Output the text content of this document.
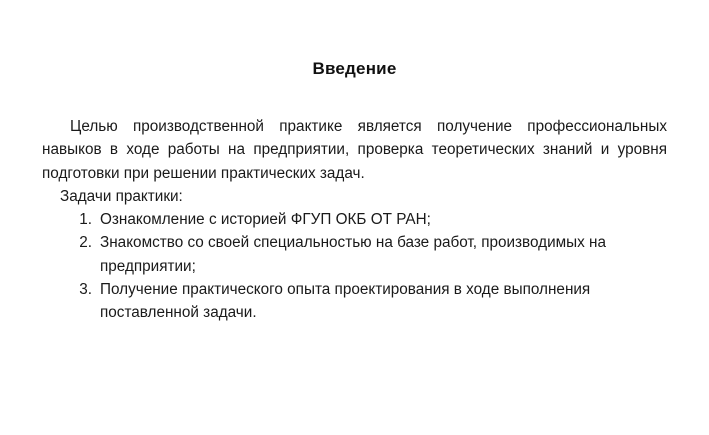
Введение

Целью производственной практике является получение профессиональных навыков в ходе работы на предприятии, проверка теоретических знаний и уровня подготовки при решении практических задач.

Задачи практики:

Ознакомление с историей ФГУП ОКБ ОТ РАН;
Знакомство со своей специальностью на базе работ, производимых на предприятии;
Получение практического опыта проектирования в ходе выполнения поставленной задачи.
